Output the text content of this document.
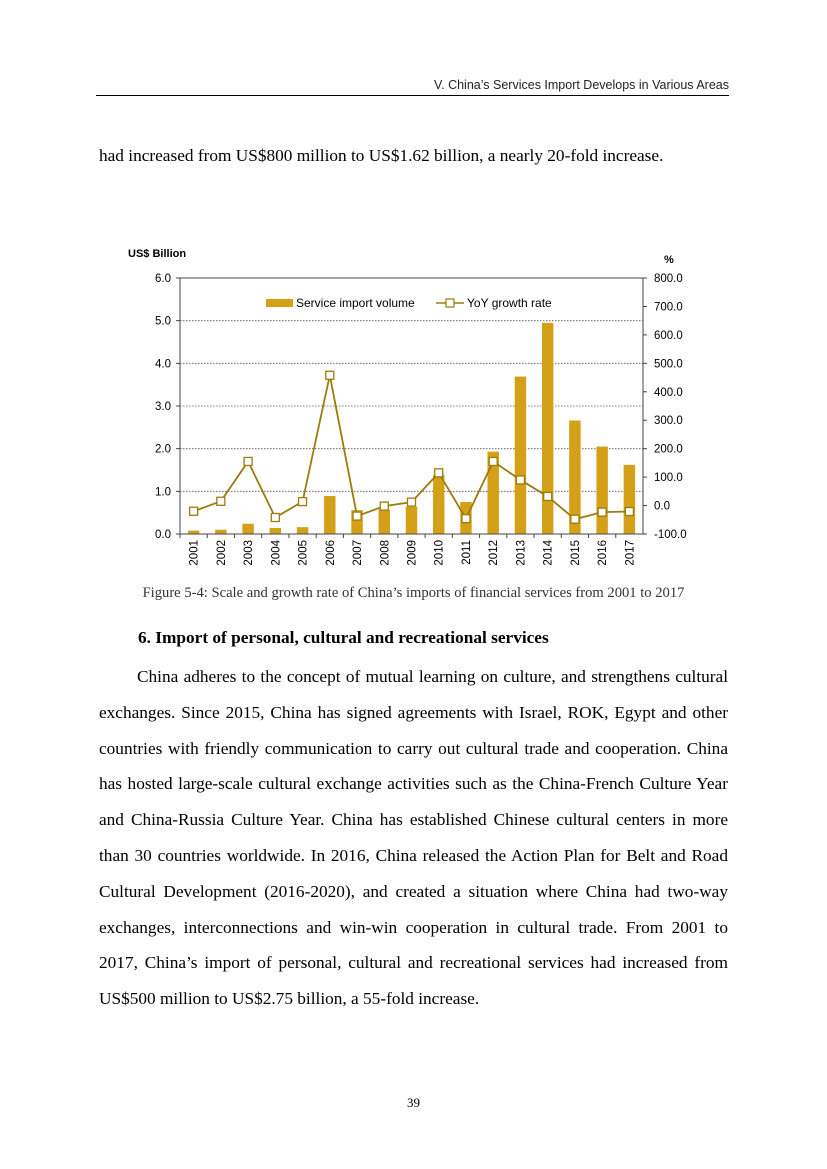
V. China’s Services Import Develops in Various Areas

had increased from US$800 million to US$1.62 billion, a nearly 20-fold increase.

0.0
1.0
2.0
3.0
4.0
5.0
6.0
-100.0
0.0
100.0
200.0
300.0
400.0
500.0
600.0
700.0
800.0
2001 2002 2003 2004 2005 2006 2007 2008 2009 2010 2011 2012 2013 2014 2015 2016 2017
US$ Billion	%
Service import volume	YoY growth rate
Figure 5-4: Scale and growth rate of China’s imports of financial services from 2001 to 2017
6. Import of personal, cultural and recreational services

China adheres to the concept of mutual learning on culture, and strengthens cultural exchanges. Since 2015, China has signed agreements with Israel, ROK, Egypt and other countries with friendly communication to carry out cultural trade and cooperation. China has hosted large-scale cultural exchange activities such as the China-French Culture Year and China-Russia Culture Year. China has established Chinese cultural centers in more than 30 countries worldwide. In 2016, China released the Action Plan for Belt and Road Cultural Development (2016-2020), and created a situation where China had two-way exchanges, interconnections and win-win cooperation in cultural trade. From 2001 to 2017, China’s import of personal, cultural and recreational services had increased from US$500 million to US$2.75 billion, a 55-fold increase.

39
